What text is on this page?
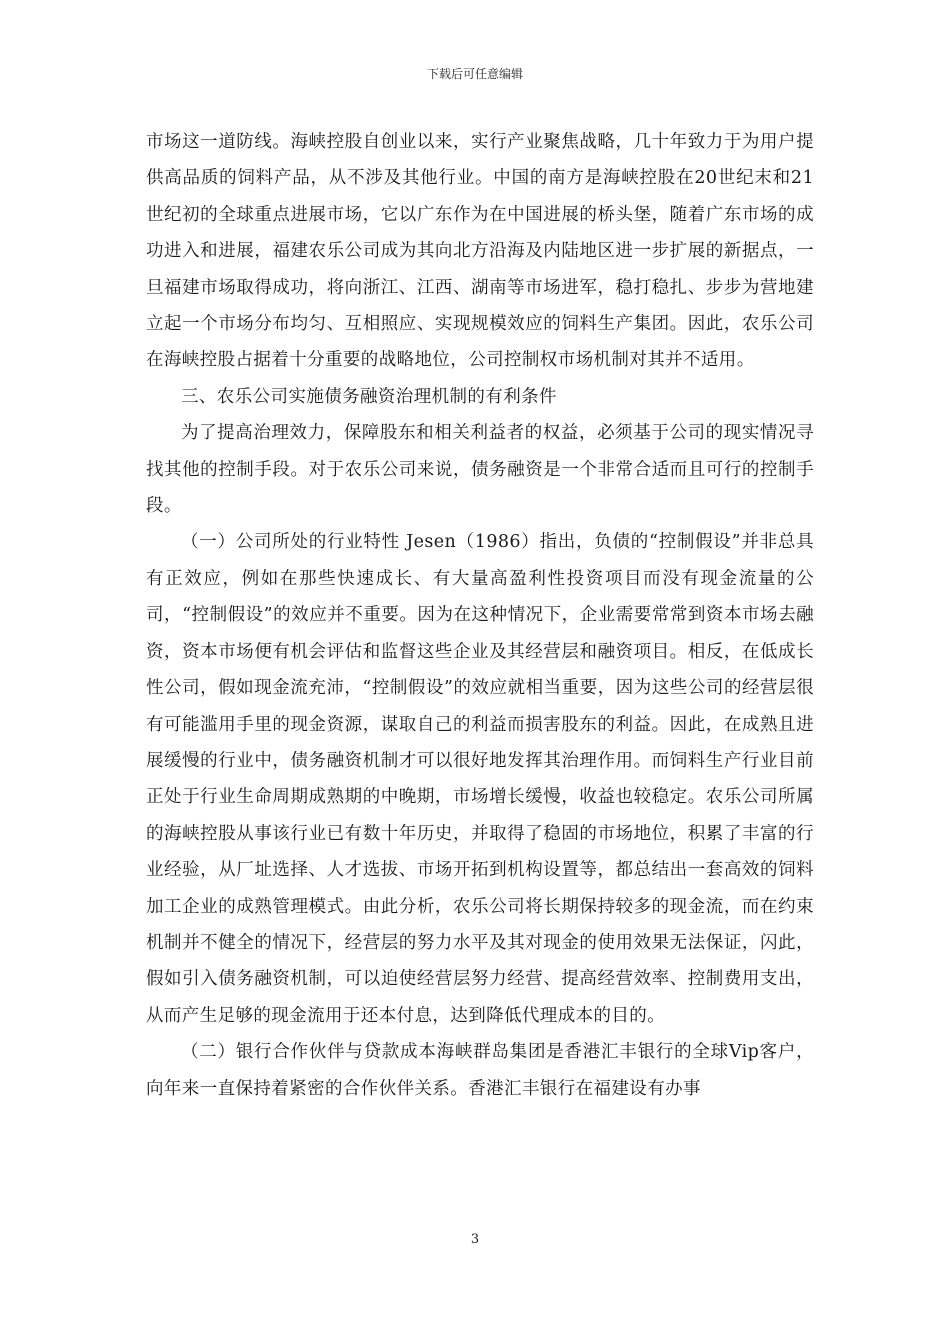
下载后可任意编辑

市场这一道防线。海峡控股自创业以来，实行产业聚焦战略，几十年致力于为用户提供高品质的饲料产品，从不涉及其他行业。中国的南方是海峡控股在20世纪末和21世纪初的全球重点进展市场，它以广东作为在中国进展的桥头堡，随着广东市场的成功进入和进展，福建农乐公司成为其向北方沿海及内陆地区进一步扩展的新据点，一旦福建市场取得成功，将向浙江、江西、湖南等市场进军，稳打稳扎、步步为营地建立起一个市场分布均匀、互相照应、实现规模效应的饲料生产集团。因此，农乐公司在海峡控股占据着十分重要的战略地位，公司控制权市场机制对其并不适用。

三、农乐公司实施债务融资治理机制的有利条件

为了提高治理效力，保障股东和相关利益者的权益，必须基于公司的现实情况寻找其他的控制手段。对于农乐公司来说，债务融资是一个非常合适而且可行的控制手段。

（一）公司所处的行业特性 Jesen（1986）指出，负债的“控制假设”并非总具有正效应，例如在那些快速成长、有大量高盈利性投资项目而没有现金流量的公司，“控制假设”的效应并不重要。因为在这种情况下，企业需要常常到资本市场去融资，资本市场便有机会评估和监督这些企业及其经营层和融资项目。相反，在低成长性公司，假如现金流充沛，“控制假设”的效应就相当重要，因为这些公司的经营层很有可能滥用手里的现金资源，谋取自己的利益而损害股东的利益。因此，在成熟且进展缓慢的行业中，债务融资机制才可以很好地发挥其治理作用。而饲料生产行业目前正处于行业生命周期成熟期的中晚期，市场增长缓慢，收益也较稳定。农乐公司所属的海峡控股从事该行业已有数十年历史，并取得了稳固的市场地位，积累了丰富的行业经验，从厂址选择、人才选拔、市场开拓到机构设置等，都总结出一套高效的饲料加工企业的成熟管理模式。由此分析，农乐公司将长期保持较多的现金流，而在约束机制并不健全的情况下，经营层的努力水平及其对现金的使用效果无法保证，闪此，假如引入债务融资机制，可以迫使经营层努力经营、提高经营效率、控制费用支出，从而产生足够的现金流用于还本付息，达到降低代理成本的目的。

（二）银行合作伙伴与贷款成本海峡群岛集团是香港汇丰银行的全球Vip客户，向年来一直保持着紧密的合作伙伴关系。香港汇丰银行在福建设有办事

3
